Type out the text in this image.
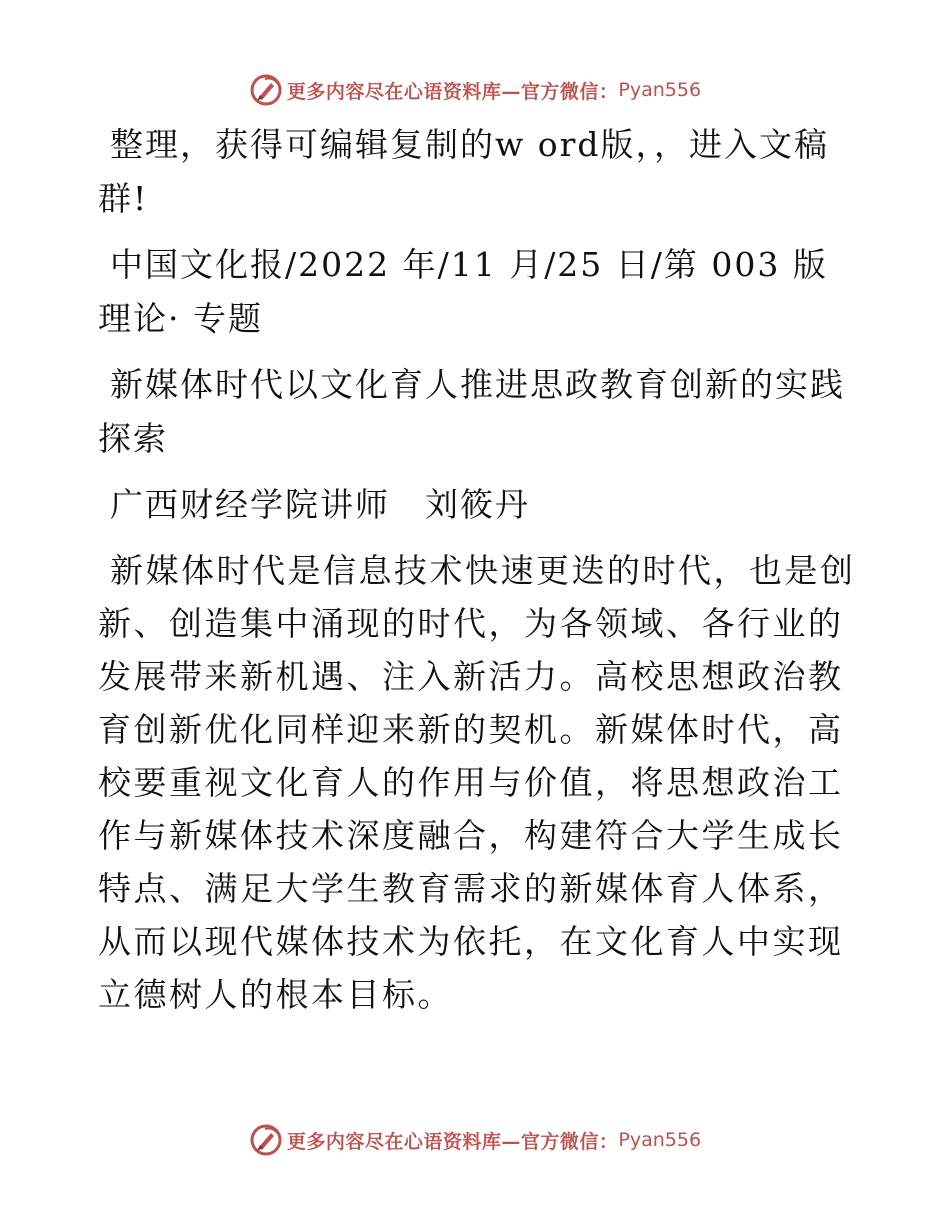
更多内容尽在心语资料库—官方微信： Pyan556

整理，获得可编辑复制的w ord版，，进入文稿群!

中国文化报/2022 年/11 月/25 日/第 003 版理论· 专题

新媒体时代以文化育人推进思政教育创新的实践探索

广西财经学院讲师　刘筱丹

新媒体时代是信息技术快速更迭的时代，也是创新、创造集中涌现的时代，为各领域、各行业的发展带来新机遇、注入新活力。高校思想政治教育创新优化同样迎来新的契机。新媒体时代，高校要重视文化育人的作用与价值，将思想政治工作与新媒体技术深度融合，构建符合大学生成长特点、满足大学生教育需求的新媒体育人体系，从而以现代媒体技术为依托，在文化育人中实现立德树人的根本目标。

更多内容尽在心语资料库—官方微信： Pyan556
